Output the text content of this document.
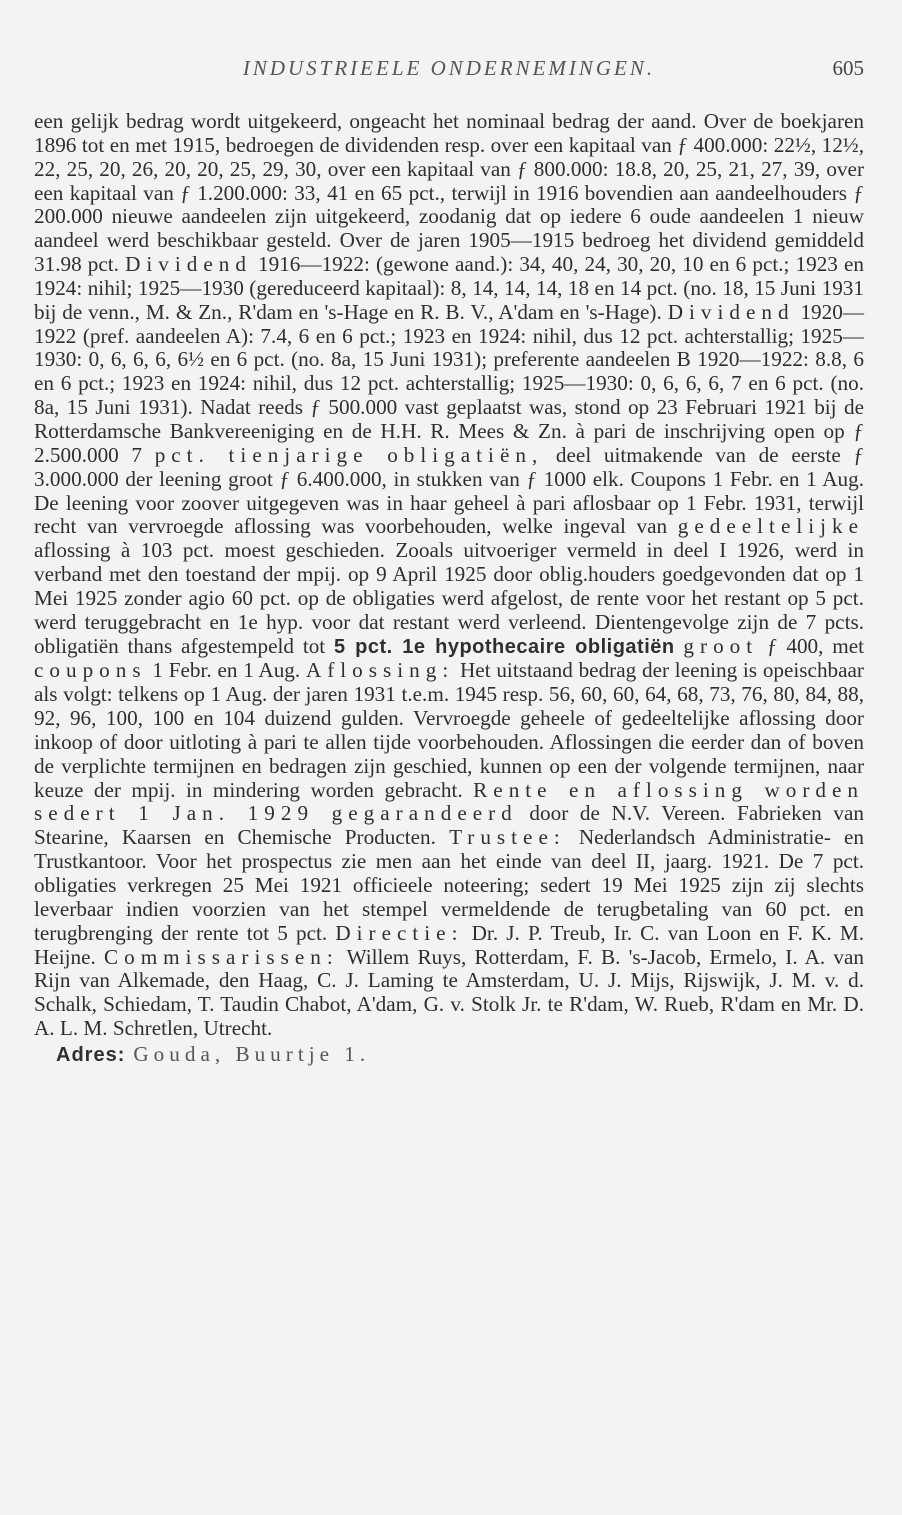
INDUSTRIEELE ONDERNEMINGEN.	605

een gelijk bedrag wordt uitgekeerd, ongeacht het nominaal bedrag der aand. Over de boekjaren 1896 tot en met 1915, bedroegen de dividenden resp. over een kapitaal van ƒ 400.000: 22½, 12½, 22, 25, 20, 26, 20, 20, 25, 29, 30, over een kapitaal van ƒ 800.000: 18.8, 20, 25, 21, 27, 39, over een kapitaal van ƒ 1.200.000: 33, 41 en 65 pct., terwijl in 1916 bovendien aan aandeelhouders ƒ 200.000 nieuwe aandeelen zijn uitgekeerd, zoodanig dat op iedere 6 oude aandeelen 1 nieuw aandeel werd beschikbaar gesteld. Over de jaren 1905—1915 bedroeg het dividend gemiddeld 31.98 pct. Dividend 1916—1922: (gewone aand.): 34, 40, 24, 30, 20, 10 en 6 pct.; 1923 en 1924: nihil; 1925—1930 (gereduceerd kapitaal): 8, 14, 14, 14, 18 en 14 pct. (no. 18, 15 Juni 1931 bij de venn., M. & Zn., R'dam en 's-Hage en R. B. V., A'dam en 's-Hage). Dividend 1920—1922 (pref. aandeelen A): 7.4, 6 en 6 pct.; 1923 en 1924: nihil, dus 12 pct. achterstallig; 1925—1930: 0, 6, 6, 6, 6½ en 6 pct. (no. 8a, 15 Juni 1931); preferente aandeelen B 1920—1922: 8.8, 6 en 6 pct.; 1923 en 1924: nihil, dus 12 pct. achterstallig; 1925—1930: 0, 6, 6, 6, 7 en 6 pct. (no. 8a, 15 Juni 1931). Nadat reeds ƒ 500.000 vast geplaatst was, stond op 23 Februari 1921 bij de Rotterdamsche Bankvereeniging en de H.H. R. Mees & Zn. à pari de inschrijving open op ƒ 2.500.000 7 pct. tienjarige obligatiën, deel uitmakende van de eerste ƒ 3.000.000 der leening groot ƒ 6.400.000, in stukken van ƒ 1000 elk. Coupons 1 Febr. en 1 Aug. De leening voor zoover uitgegeven was in haar geheel à pari aflosbaar op 1 Febr. 1931, terwijl recht van vervroegde aflossing was voorbehouden, welke ingeval van gedeeltelijke aflossing à 103 pct. moest geschieden. Zooals uitvoeriger vermeld in deel I 1926, werd in verband met den toestand der mpij. op 9 April 1925 door oblig.houders goedgevonden dat op 1 Mei 1925 zonder agio 60 pct. op de obligaties werd afgelost, de rente voor het restant op 5 pct. werd teruggebracht en 1e hyp. voor dat restant werd verleend. Dientengevolge zijn de 7 pcts. obligatiën thans afgestempeld tot 5 pct. 1e hypothecaire obligatiën groot ƒ 400, met coupons 1 Febr. en 1 Aug. Aflossing: Het uitstaand bedrag der leening is opeischbaar als volgt: telkens op 1 Aug. der jaren 1931 t.e.m. 1945 resp. 56, 60, 60, 64, 68, 73, 76, 80, 84, 88, 92, 96, 100, 100 en 104 duizend gulden. Vervroegde geheele of gedeeltelijke aflossing door inkoop of door uitloting à pari te allen tijde voorbehouden. Aflossingen die eerder dan of boven de verplichte termijnen en bedragen zijn geschied, kunnen op een der volgende termijnen, naar keuze der mpij. in mindering worden gebracht. Rente en aflossing worden sedert 1 Jan. 1929 gegarandeerd door de N.V. Vereen. Fabrieken van Stearine, Kaarsen en Chemische Producten. Trustee: Nederlandsch Administratie- en Trustkantoor. Voor het prospectus zie men aan het einde van deel II, jaarg. 1921. De 7 pct. obligaties verkregen 25 Mei 1921 officieele noteering; sedert 19 Mei 1925 zijn zij slechts leverbaar indien voorzien van het stempel vermeldende de terugbetaling van 60 pct. en terugbrenging der rente tot 5 pct. Directie: Dr. J. P. Treub, Ir. C. van Loon en F. K. M. Heijne. Commissarissen: Willem Ruys, Rotterdam, F. B. 's-Jacob, Ermelo, I. A. van Rijn van Alkemade, den Haag, C. J. Laming te Amsterdam, U. J. Mijs, Rijswijk, J. M. v. d. Schalk, Schiedam, T. Taudin Chabot, A'dam, G. v. Stolk Jr. te R'dam, W. Rueb, R'dam en Mr. D. A. L. M. Schretlen, Utrecht.

Adres: Gouda, Buurtje 1.
